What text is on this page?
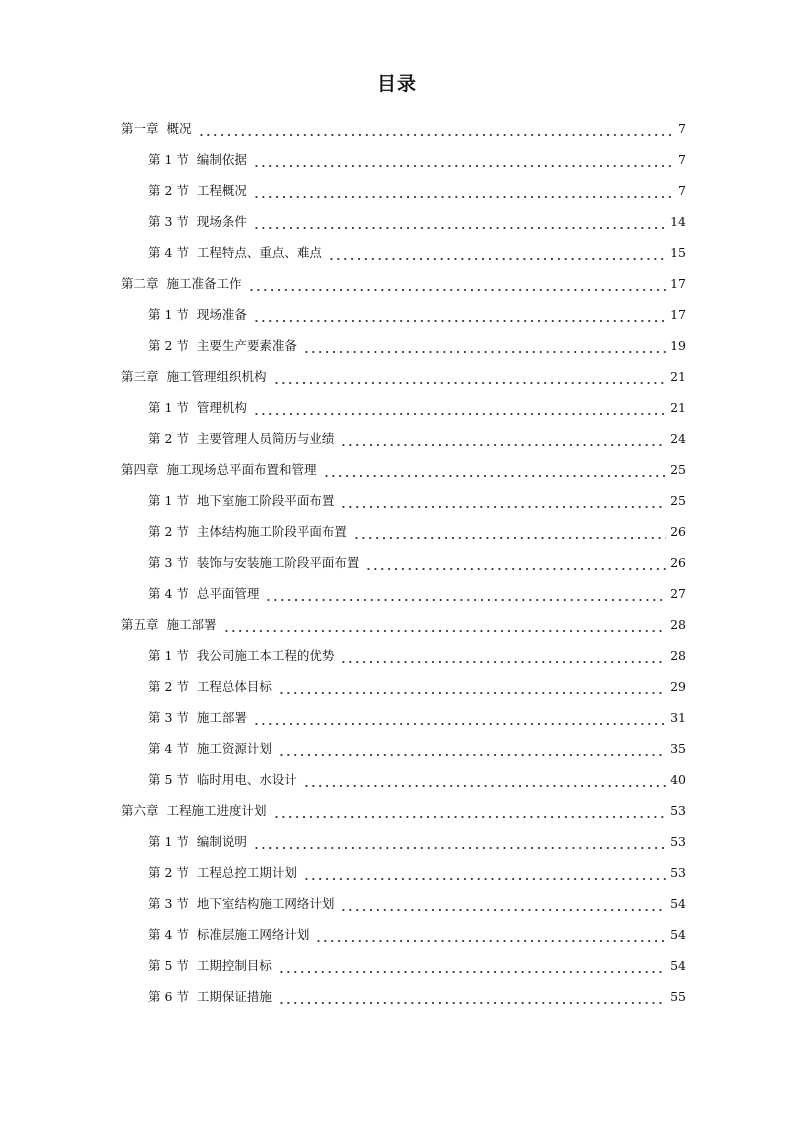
目录
第一章 概况	7
第 1 节 编制依据	7
第 2 节 工程概况	7
第 3 节 现场条件	14
第 4 节 工程特点、重点、难点	15
第二章 施工准备工作	17
第 1 节 现场准备	17
第 2 节 主要生产要素准备	19
第三章 施工管理组织机构	21
第 1 节 管理机构	21
第 2 节 主要管理人员简历与业绩	24
第四章 施工现场总平面布置和管理	25
第 1 节 地下室施工阶段平面布置	25
第 2 节 主体结构施工阶段平面布置	26
第 3 节 装饰与安装施工阶段平面布置	26
第 4 节 总平面管理	27
第五章 施工部署	28
第 1 节 我公司施工本工程的优势	28
第 2 节 工程总体目标	29
第 3 节 施工部署	31
第 4 节 施工资源计划	35
第 5 节 临时用电、水设计	40
第六章 工程施工进度计划	53
第 1 节 编制说明	53
第 2 节 工程总控工期计划	53
第 3 节 地下室结构施工网络计划	54
第 4 节 标准层施工网络计划	54
第 5 节 工期控制目标	54
第 6 节 工期保证措施	55
